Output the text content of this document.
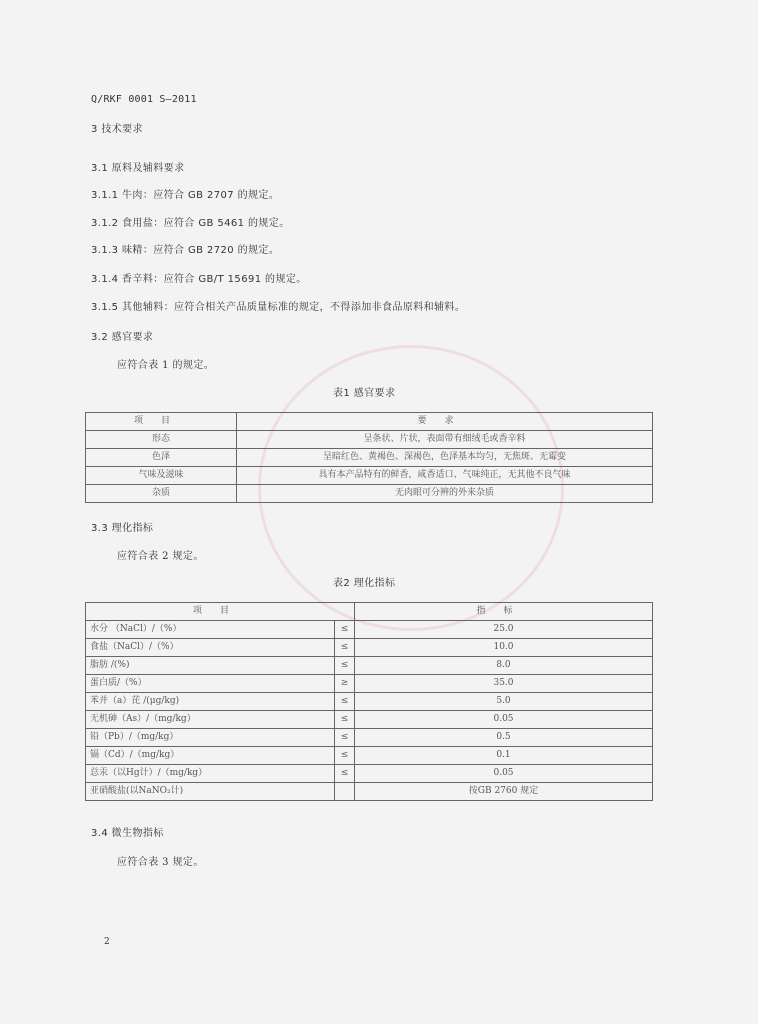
Q/RKF 0001 S—2011
3 技术要求
3.1 原料及辅料要求
3.1.1 牛肉：应符合 GB 2707 的规定。
3.1.2 食用盐：应符合 GB 5461 的规定。
3.1.3 味精：应符合 GB 2720 的规定。
3.1.4 香辛料：应符合 GB/T 15691 的规定。
3.1.5 其他辅料：应符合相关产品质量标准的规定，不得添加非食品原料和辅料。
3.2 感官要求
应符合表 1 的规定。
表1 感官要求
项目	要求
形态	呈条状、片状，表面带有细绒毛或香辛料
色泽	呈暗红色、黄褐色、深褐色，色泽基本均匀，无焦斑、无霉变
气味及滋味	具有本产品特有的鲜香，咸香适口、气味纯正，无其他不良气味
杂质	无肉眼可分辨的外来杂质
3.3 理化指标
应符合表 2 规定。
表2 理化指标
项目		指标
水分 （NaCl）/（%）	≤	25.0
食盐（NaCl）/（%）	≤	10.0
脂肪 /(%)	≤	8.0
蛋白质/（%）	≥	35.0
苯并（a）芘 /(μg/kg)	≤	5.0
无机砷（As）/（mg/kg）	≤	0.05
铅（Pb）/（mg/kg）	≤	0.5
镉（Cd）/（mg/kg）	≤	0.1
总汞（以Hg计）/（mg/kg）	≤	0.05
亚硝酸盐(以NaNO₂计)		按GB 2760 规定
3.4 微生物指标
应符合表 3 规定。
2
